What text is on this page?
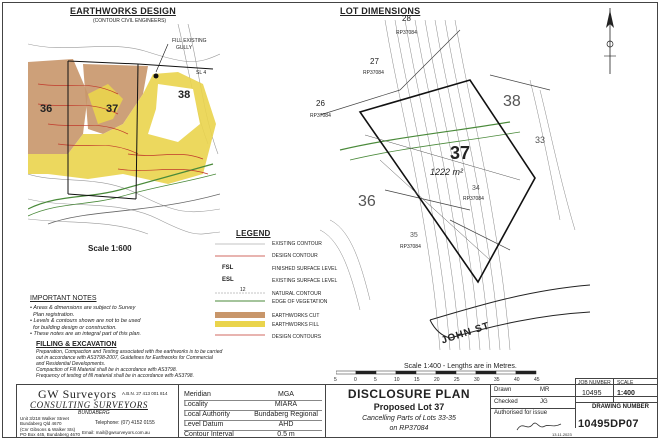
EARTHWORKS DESIGN
(CONTOUR CIVIL ENGINEERS)
FILL EXISTING
GULLY
SL 4
36	37
38
Scale 1:600
LOT DIMENSIONS
28
RP37084
27
RP37084
26
RP37084
38
33
37
1222 m²
34
RP37084
36
35
RP37084
JOHN ST
Scale 1:400 - Lengths are in Metres.
5	0	5	10	15	20	25	30	35	40	45
LEGEND
EXISTING CONTOUR
DESIGN CONTOUR
FSL	FINISHED SURFACE LEVEL
ESL	EXISTING SURFACE LEVEL
12
NATURAL CONTOUR
EDGE OF VEGETATION
EARTHWORKS CUT
EARTHWORKS FILL
DESIGN CONTOURS
IMPORTANT NOTES
• Areas & dimensions are subject to Survey
Plan registration.
• Levels & contours shown are not to be used
for building design or construction.
• These notes are an integral part of this plan.
FILLING & EXCAVATION
Preparation, Compaction and Testing associated with the earthworks is to be carried
out in accordance with AS3798-2007, Guidelines for Earthworks for Commercial
and Residential Developments.
Compaction of Fill Material shall be in accordance with AS3798.
Frequency of testing of fill material shall be in accordance with AS3798.
GW Surveyors A.B.N. 27 413 001 814
CONSULTING SURVEYORS
BUNDABERG
Unit 3/218 Walker Street
Bundaberg Qld 4670
(Cnr Gibsons & Walker Sts)
PO Box 445, Bundaberg 4670
Telephone: (07) 4152 0155
Email: mail@gwsurveyors.com.au
Meridian	MGA
Locality	MIARA
Local Authority	Bundaberg Regional
Level Datum	AHD
Contour Interval	0.5 m
DISCLOSURE PLAN
Proposed Lot 37
Cancelling Parts of Lots 33-35
on RP37084
Drawn	MR
Checked	JG
Authorised for issue
13.11.2023
JOB NUMBER
10495
SCALE
1:400
DRAWING NUMBER
10495DP07
